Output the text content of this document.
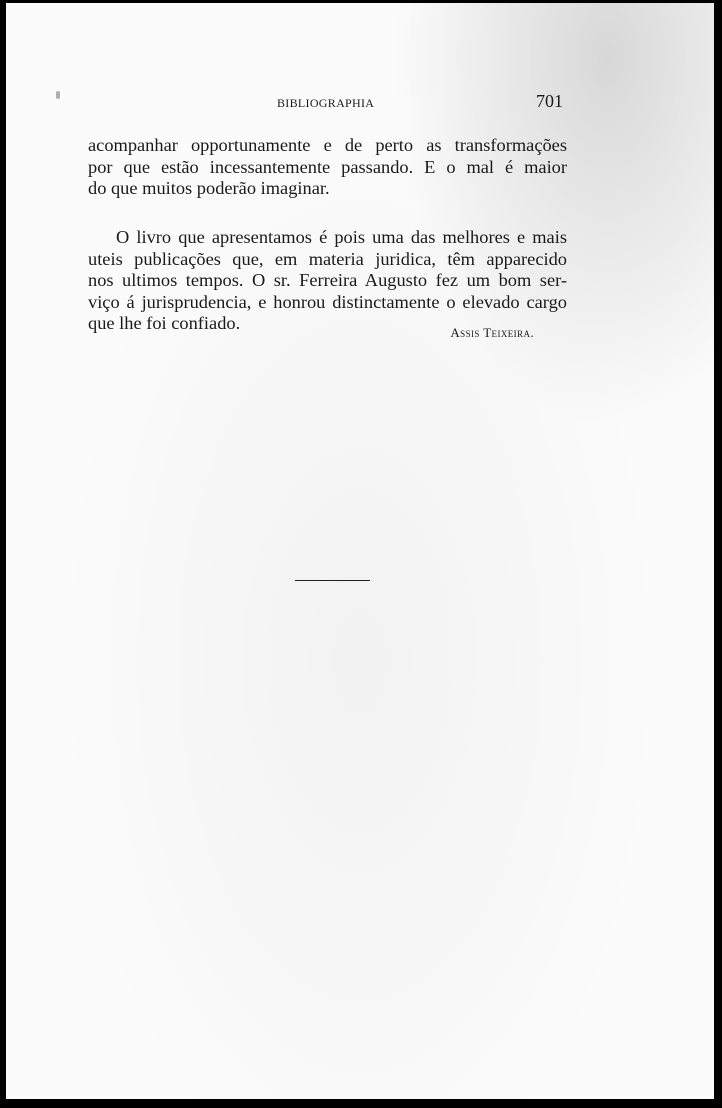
BIBLIOGRAPHIA	701

acompanhar opportunamente e de perto as transformações
por que estão incessantemente passando. E o mal é maior
do que muitos poderão imaginar.

O livro que apresentamos é pois uma das melhores e mais
uteis publicações que, em materia juridica, têm apparecido
nos ultimos tempos. O sr. Ferreira Augusto fez um bom ser-
viço á jurisprudencia, e honrou distinctamente o elevado cargo
que lhe foi confiado.	Assis Teixeira.
